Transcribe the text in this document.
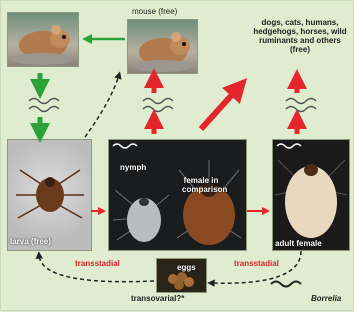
mouse (free)
dogs, cats, humans, hedgehogs, horses, wild ruminants and others (free)
larva (free)
nymph
female in comparison
adult female
eggs
transstadial	transstadial
transovarial?*	Borrelia
